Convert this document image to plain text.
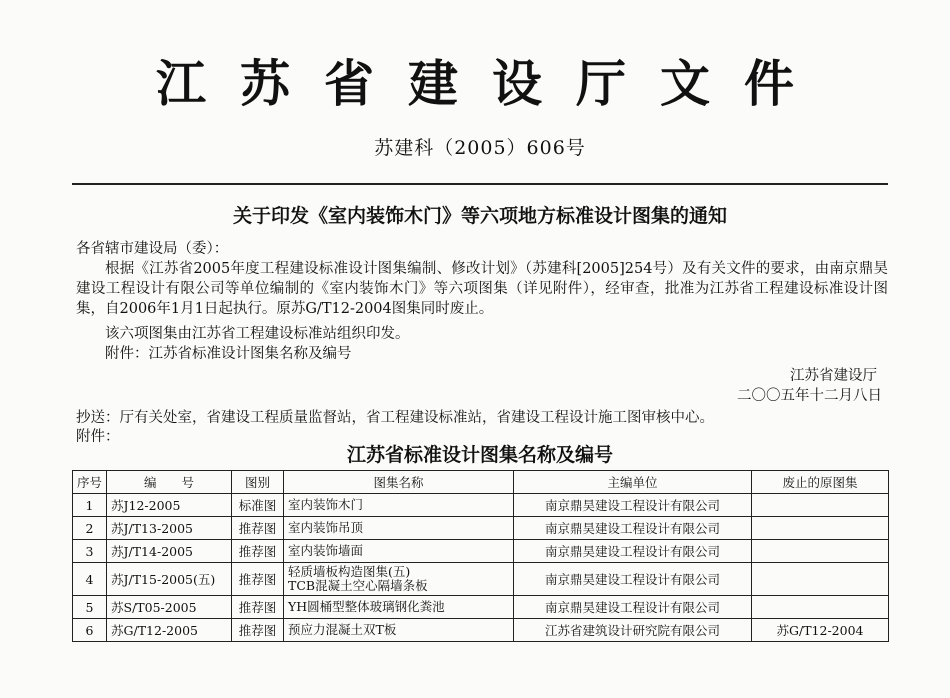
江苏省建设厅文件
苏建科（2005）606号
关于印发《室内装饰木门》等六项地方标准设计图集的通知
各省辖市建设局（委）：
根据《江苏省2005年度工程建设标准设计图集编制、修改计划》（苏建科[2005]254号）及有关文件的要求，由南京鼎昊建设工程设计有限公司等单位编制的《室内装饰木门》等六项图集（详见附件），经审查，批准为江苏省工程建设标准设计图集，自2006年1月1日起执行。原苏G/T12-2004图集同时废止。
该六项图集由江苏省工程建设标准站组织印发。
附件：江苏省标准设计图集名称及编号
江苏省建设厅
二〇〇五年十二月八日
抄送：厅有关处室，省建设工程质量监督站，省工程建设标准站，省建设工程设计施工图审核中心。
附件：
江苏省标准设计图集名称及编号
序号	编　　号	图别	图集名称	主编单位	废止的原图集
1	苏J12-2005	标准图	室内装饰木门	南京鼎昊建设工程设计有限公司	
2	苏J/T13-2005	推荐图	室内装饰吊顶	南京鼎昊建设工程设计有限公司	
3	苏J/T14-2005	推荐图	室内装饰墙面	南京鼎昊建设工程设计有限公司	
4	苏J/T15-2005(五)	推荐图	轻质墙板构造图集(五)
TCB混凝土空心隔墙条板	南京鼎昊建设工程设计有限公司	
5	苏S/T05-2005	推荐图	YH圆桶型整体玻璃钢化粪池	南京鼎昊建设工程设计有限公司	
6	苏G/T12-2005	推荐图	预应力混凝土双T板	江苏省建筑设计研究院有限公司	苏G/T12-2004
